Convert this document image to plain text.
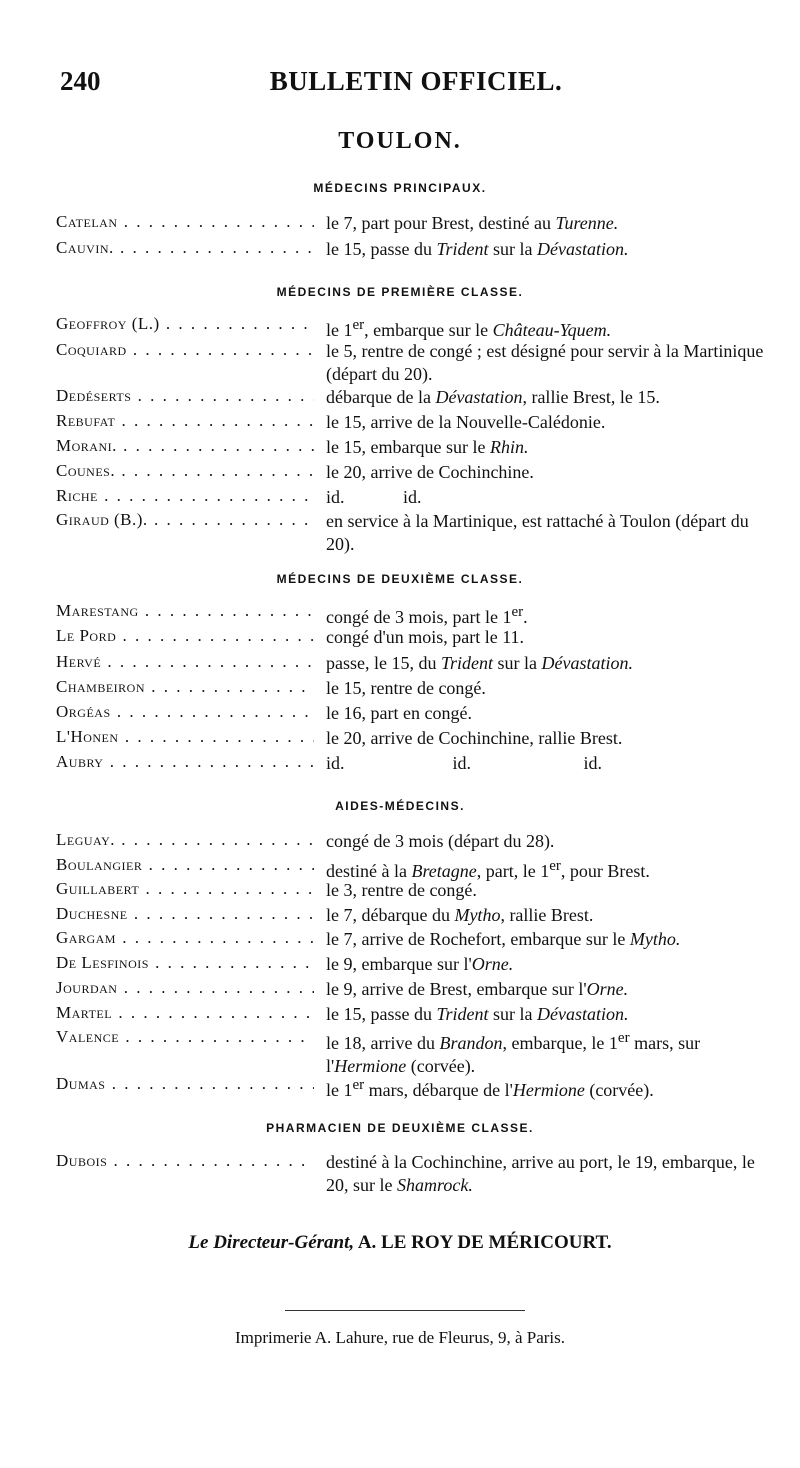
240	BULLETIN OFFICIEL.
TOULON.
MÉDECINS PRINCIPAUX.
Catelan . . .	le 7, part pour Brest, destiné au Turenne.
Cauvin. . . .	le 15, passe du Trident sur la Dévastation.
MÉDECINS DE PREMIÈRE CLASSE.
Geoffroy (L.) . . .	le 1er, embarque sur le Château-Yquem.
Coquiard . . .	le 5, rentre de congé ; est désigné pour servir à la Martinique (départ du 20).
Dedéserts . . .	débarque de la Dévastation, rallie Brest, le 15.
Rebufat . . .	le 15, arrive de la Nouvelle-Calédonie.
Morani. . . .	le 15, embarque sur le Rhin.
Counes. . . .	le 20, arrive de Cochinchine.
Riche . . .	id.             id.
Giraud (B.). . . .	en service à la Martinique, est rattaché à Toulon (départ du 20).
MÉDECINS DE DEUXIÈME CLASSE.
Marestang . . .	congé de 3 mois, part le 1er.
Le Pord . . .	congé d'un mois, part le 11.
Hervé . . .	passe, le 15, du Trident sur la Dévastation.
Chambeiron . . .	le 15, rentre de congé.
Orgéas . . .	le 16, part en congé.
L'Honen . . .	le 20, arrive de Cochinchine, rallie Brest.
Aubry . . .	id.                        id.                         id.
AIDES-MÉDECINS.
Leguay. . . .	congé de 3 mois (départ du 28).
Boulangier . . .	destiné à la Bretagne, part, le 1er, pour Brest.
Guillabert . . .	le 3, rentre de congé.
Duchesne . . .	le 7, débarque du Mytho, rallie Brest.
Gargam . . .	le 7, arrive de Rochefort, embarque sur le Mytho.
De Lesfinois . . .	le 9, embarque sur l'Orne.
Jourdan . . .	le 9, arrive de Brest, embarque sur l'Orne.
Martel . . .	le 15, passe du Trident sur la Dévastation.
Valence . . .	le 18, arrive du Brandon, embarque, le 1er mars, sur l'Hermione (corvée).
Dumas . . .	le 1er mars, débarque de l'Hermione (corvée).
PHARMACIEN DE DEUXIÈME CLASSE.
Dubois . . .	destiné à la Cochinchine, arrive au port, le 19, embarque, le 20, sur le Shamrock.
Le Directeur-Gérant, A. LE ROY DE MÉRICOURT.
Imprimerie A. Lahure, rue de Fleurus, 9, à Paris.
